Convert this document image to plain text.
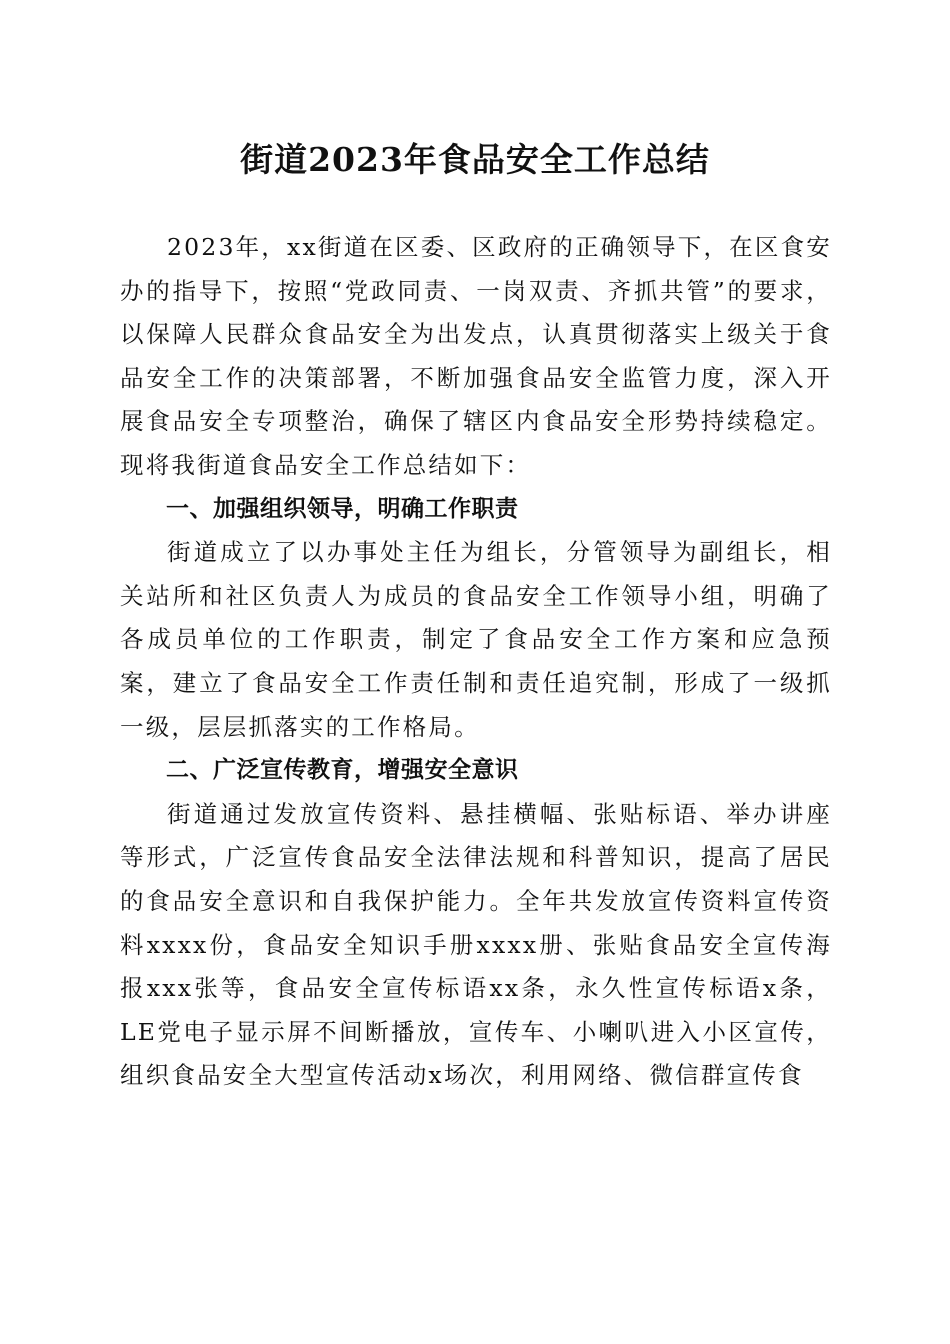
街道2023年食品安全工作总结

2023年，xx街道在区委、区政府的正确领导下，在区食安办的指导下，按照“党政同责、一岗双责、齐抓共管”的要求，以保障人民群众食品安全为出发点，认真贯彻落实上级关于食品安全工作的决策部署，不断加强食品安全监管力度，深入开展食品安全专项整治，确保了辖区内食品安全形势持续稳定。现将我街道食品安全工作总结如下：

一、加强组织领导，明确工作职责

街道成立了以办事处主任为组长，分管领导为副组长，相关站所和社区负责人为成员的食品安全工作领导小组，明确了各成员单位的工作职责，制定了食品安全工作方案和应急预案，建立了食品安全工作责任制和责任追究制，形成了一级抓一级，层层抓落实的工作格局。

二、广泛宣传教育，增强安全意识

街道通过发放宣传资料、悬挂横幅、张贴标语、举办讲座等形式，广泛宣传食品安全法律法规和科普知识，提高了居民的食品安全意识和自我保护能力。全年共发放宣传资料宣传资料xxxx份，食品安全知识手册xxxx册、张贴食品安全宣传海报xxx张等，食品安全宣传标语xx条，永久性宣传标语x条，LE党电子显示屏不间断播放，宣传车、小喇叭进入小区宣传，组织食品安全大型宣传活动x场次，利用网络、微信群宣传食
